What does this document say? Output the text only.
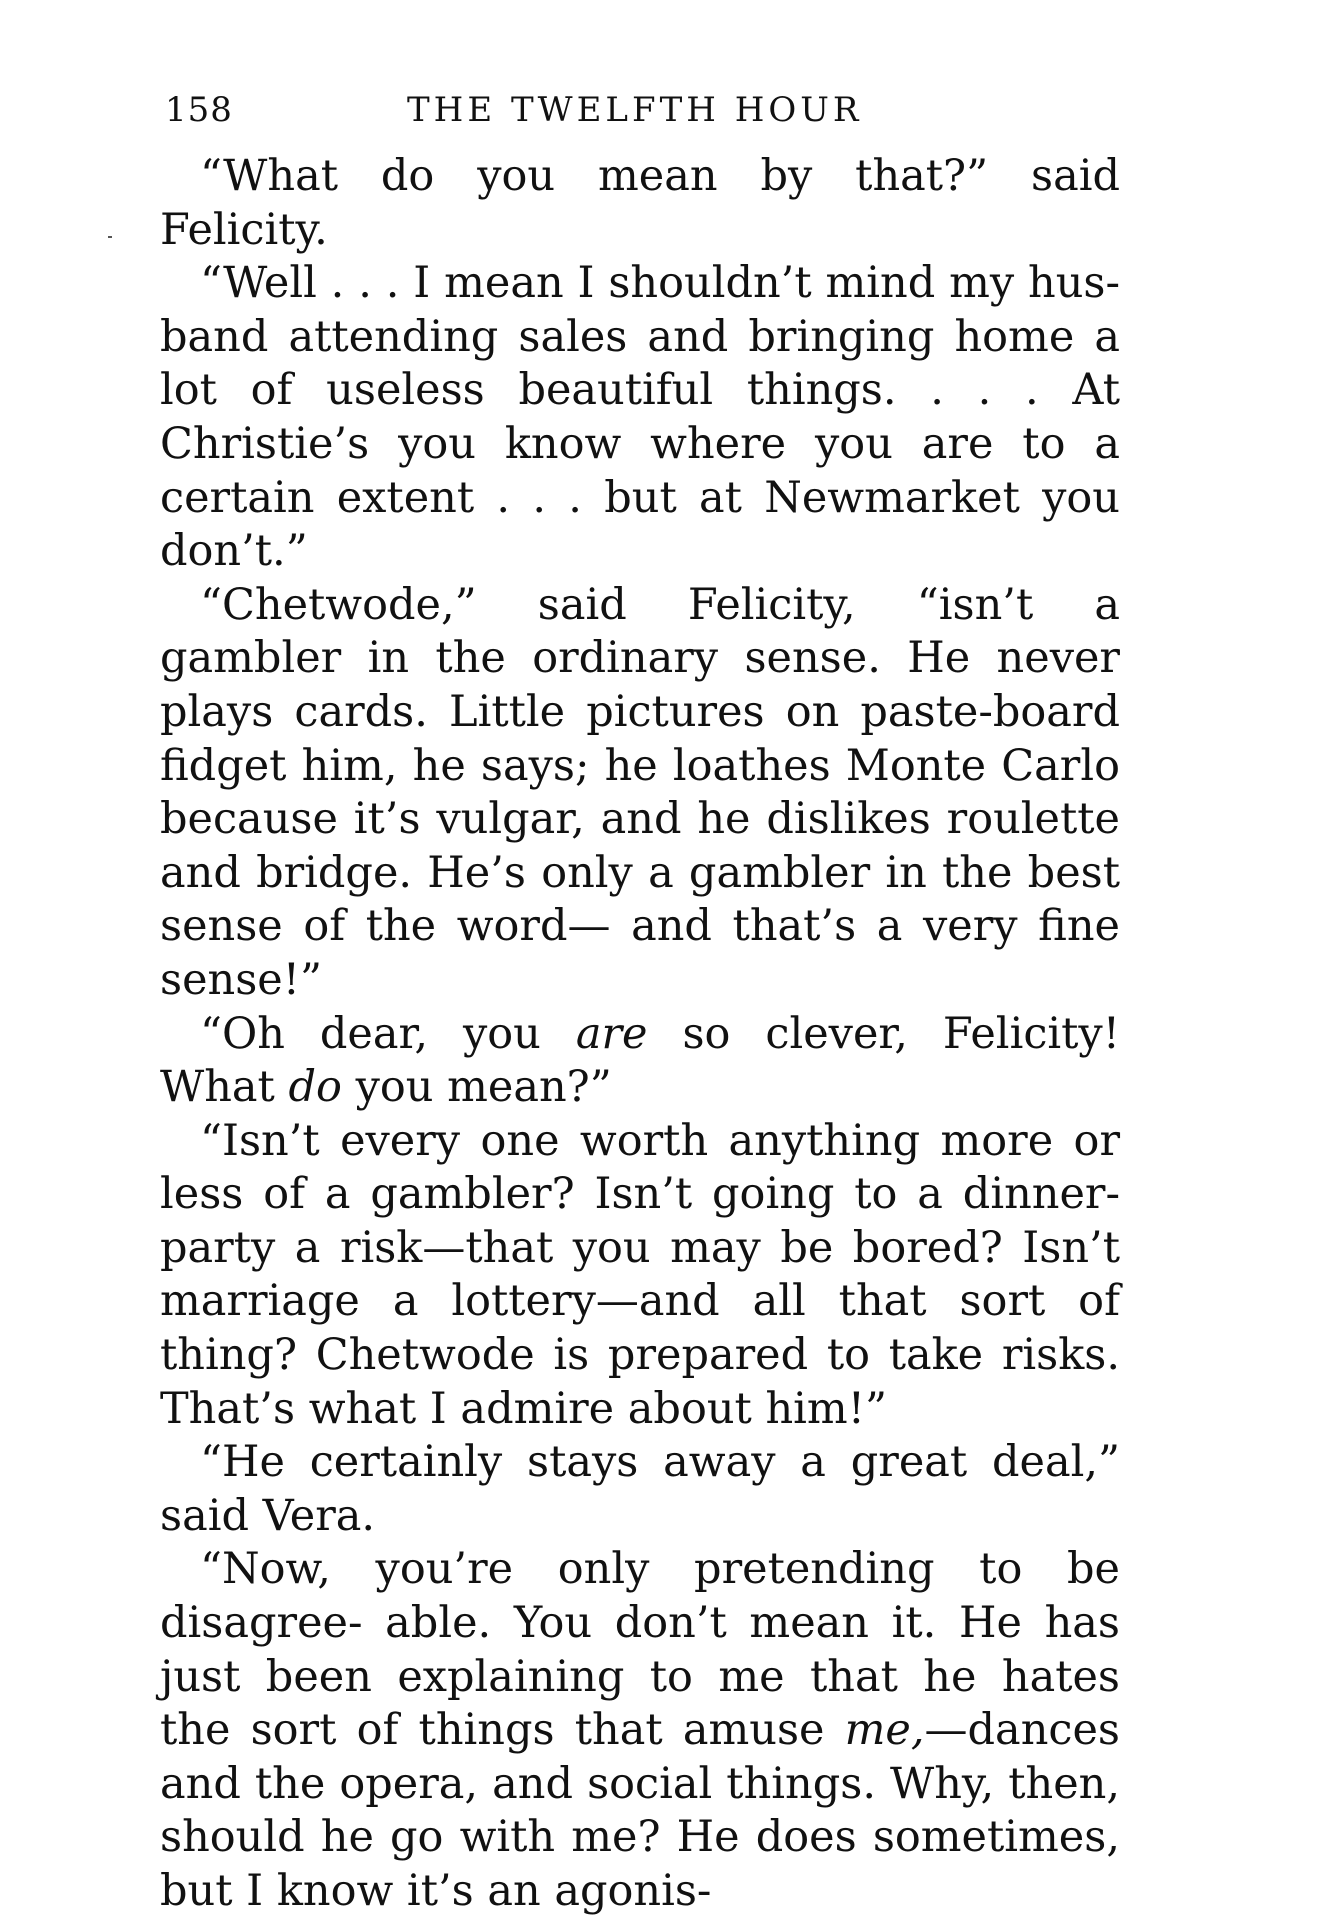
158	THE TWELFTH HOUR

“What do you mean by that?” said Felicity.

“Well . . . I mean I shouldn’t mind my hus- band attending sales and bringing home a lot of useless beautiful things. . . . At Christie’s you know where you are to a certain extent . . . but at Newmarket you don’t.”

“Chetwode,” said Felicity, “isn’t a gambler in the ordinary sense. He never plays cards. Little pictures on paste-board fidget him, he says; he loathes Monte Carlo because it’s vulgar, and he dislikes roulette and bridge. He’s only a gambler in the best sense of the word— and that’s a very fine sense!”

“Oh dear, you are so clever, Felicity! What do you mean?”

“Isn’t every one worth anything more or less of a gambler? Isn’t going to a dinner-party a risk—that you may be bored? Isn’t marriage a lottery—and all that sort of thing? Chetwode is prepared to take risks. That’s what I admire about him!”

“He certainly stays away a great deal,” said Vera.

“Now, you’re only pretending to be disagree- able. You don’t mean it. He has just been explaining to me that he hates the sort of things that amuse me,—dances and the opera, and social things. Why, then, should he go with me? He does sometimes, but I know it’s an agonis-
